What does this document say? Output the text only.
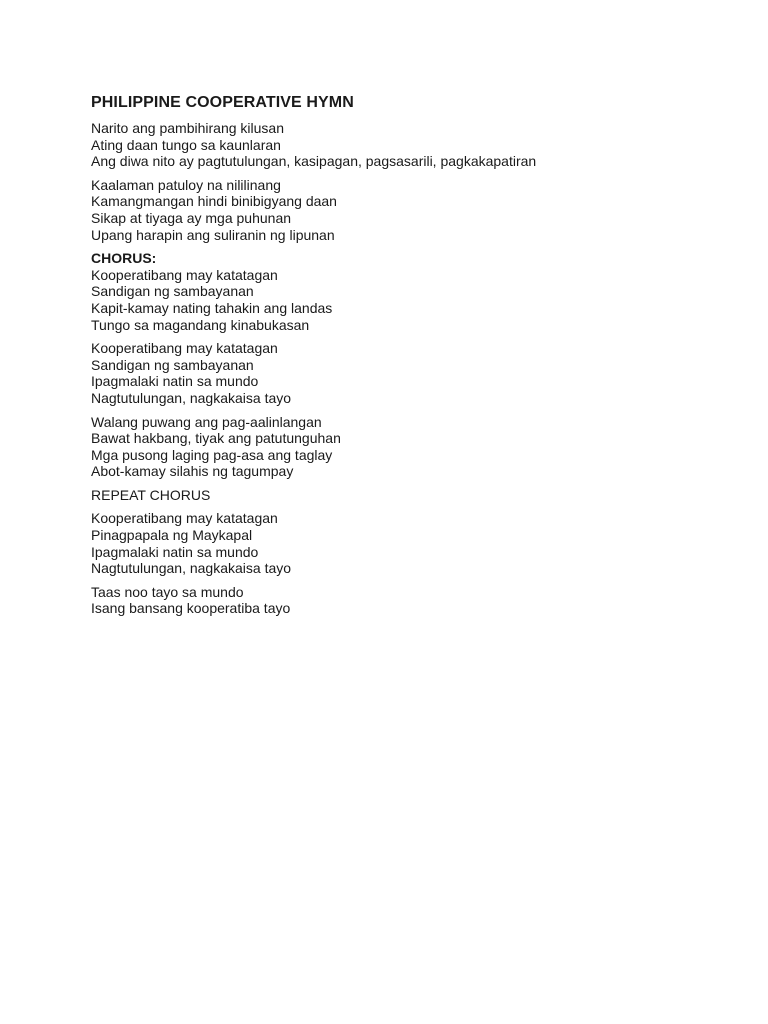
PHILIPPINE COOPERATIVE HYMN
Narito ang pambihirang kilusan
Ating daan tungo sa kaunlaran
Ang diwa nito ay pagtutulungan, kasipagan, pagsasarili, pagkakapatiran
Kaalaman patuloy na nililinang
Kamangmangan hindi binibigyang daan
Sikap at tiyaga ay mga puhunan
Upang harapin ang suliranin ng lipunan
CHORUS:
Kooperatibang may katatagan
Sandigan ng sambayanan
Kapit-kamay nating tahakin ang landas
Tungo sa magandang kinabukasan
Kooperatibang may katatagan
Sandigan ng sambayanan
Ipagmalaki natin sa mundo
Nagtutulungan, nagkakaisa tayo
Walang puwang ang pag-aalinlangan
Bawat hakbang, tiyak ang patutunguhan
Mga pusong laging pag-asa ang taglay
Abot-kamay silahis ng tagumpay
REPEAT CHORUS
Kooperatibang may katatagan
Pinagpapala ng Maykapal
Ipagmalaki natin sa mundo
Nagtutulungan, nagkakaisa tayo
Taas noo tayo sa mundo
Isang bansang kooperatiba tayo
